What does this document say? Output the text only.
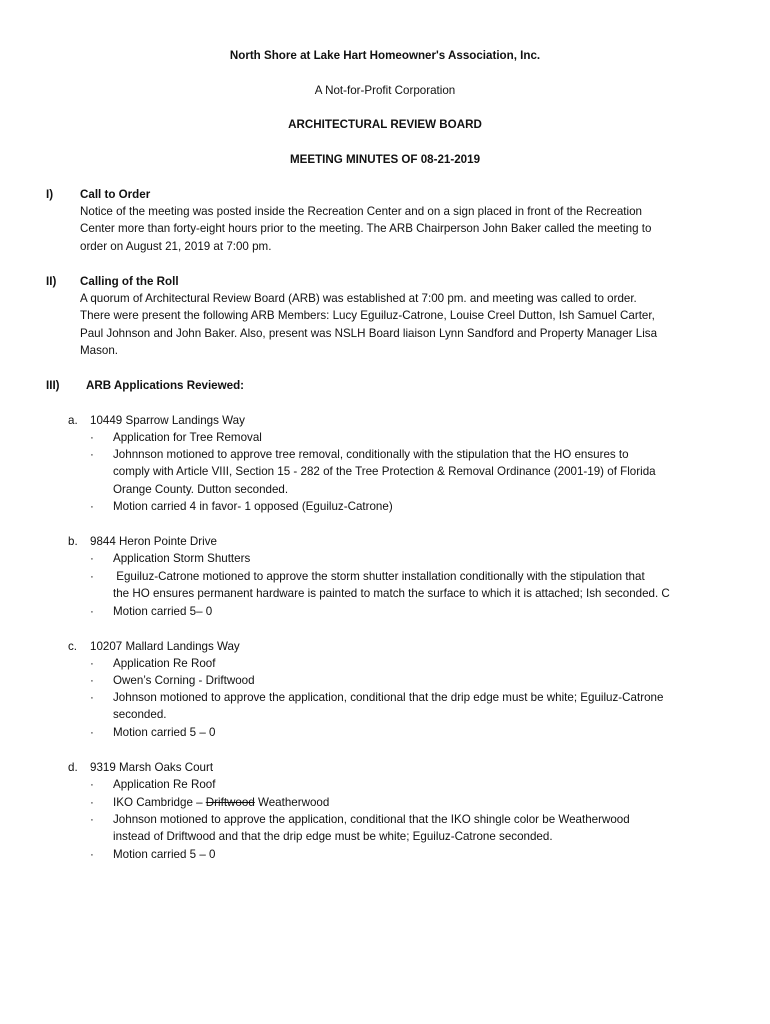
North Shore at Lake Hart Homeowner's Association, Inc.
A Not-for-Profit Corporation
ARCHITECTURAL REVIEW BOARD
MEETING MINUTES OF 08-21-2019
I) Call to Order
Notice of the meeting was posted inside the Recreation Center and on a sign placed in front of the Recreation
Center more than forty-eight hours prior to the meeting. The ARB Chairperson John Baker called the meeting to
order on August 21, 2019 at 7:00 pm.
II) Calling of the Roll
A quorum of Architectural Review Board (ARB) was established at 7:00 pm. and meeting was called to order.
There were present the following ARB Members: Lucy Eguiluz-Catrone, Louise Creel Dutton, Ish Samuel Carter,
Paul Johnson and John Baker. Also, present was NSLH Board liaison Lynn Sandford and Property Manager Lisa
Mason.
III) ARB Applications Reviewed:
a. 10449 Sparrow Landings Way
· Application for Tree Removal
· Johnnson motioned to approve tree removal, conditionally with the stipulation that the HO ensures to
comply with Article VIII, Section 15 - 282 of the Tree Protection & Removal Ordinance (2001-19) of Florida
Orange County. Dutton seconded.
· Motion carried 4 in favor- 1 opposed (Eguiluz-Catrone)
b. 9844 Heron Pointe Drive
· Application Storm Shutters
· Eguiluz-Catrone motioned to approve the storm shutter installation conditionally with the stipulation that
the HO ensures permanent hardware is painted to match the surface to which it is attached; Ish seconded. C
· Motion carried 5– 0
c. 10207 Mallard Landings Way
· Application Re Roof
· Owen’s Corning - Driftwood
· Johnson motioned to approve the application, conditional that the drip edge must be white; Eguiluz-Catrone
seconded.
· Motion carried 5 – 0
d. 9319 Marsh Oaks Court
· Application Re Roof
· IKO Cambridge – Driftwood Weatherwood
· Johnson motioned to approve the application, conditional that the IKO shingle color be Weatherwood
instead of Driftwood and that the drip edge must be white; Eguiluz-Catrone seconded.
· Motion carried 5 – 0
